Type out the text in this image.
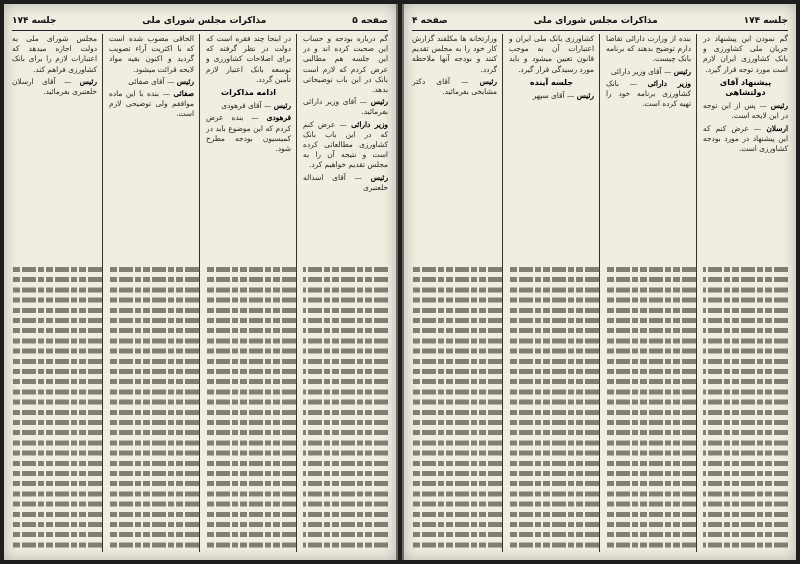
صفحه ۵
مذاکرات مجلس شورای ملی
جلسه ۱۷۴

گم درباره بودجه و حساب این صحبت کرده اند و در این جلسه هم مطالبی عرض کردم که لازم است بانک در این باب توضیحاتی بدهد.

رئیس — آقای وزیر دارائی بفرمائید.

وزیر دارائی — عرض کنم که در این باب بانک کشاورزی مطالعاتی کرده است و نتیجه آن را به مجلس تقدیم خواهیم کرد.

رئیس — آقای اسداله خلعتبری

در اینجا چند فقره است که دولت در نظر گرفته که برای اصلاحات کشاورزی و توسعه بانک اعتبار لازم تأمین گردد.

ادامه مذاکرات

رئیس — آقای فرهودی

فرهودی — بنده عرض کردم که این موضوع باید در کمیسیون بودجه مطرح شود.

الحاقی مصوب شده است که با اکثریت آراء تصویب گردید و اکنون بقیه مواد لایحه قرائت میشود.

رئیس — آقای صفائی

صفائی — بنده با این ماده موافقم ولی توضیحی لازم است.

مجلس شورای ملی به دولت اجازه میدهد که اعتبارات لازم را برای بانک کشاورزی فراهم کند.

رئیس — آقای ارسلان خلعتبری بفرمائید.

جلسه ۱۷۴
مذاکرات مجلس شورای ملی
صفحه ۴

گم نمودن این پیشنهاد در جریان ملی کشاورزی و بانک کشاورزی ایران لازم است مورد توجه قرار گیرد.

پیشنهاد آقای دولتشاهی

رئیس — پس از این توجه در این لایحه است.

ارسلان — عرض کنم که این پیشنهاد در مورد بودجه کشاورزی است.

بنده از وزارت دارائی تقاضا دارم توضیح بدهند که برنامه بانک چیست.

رئیس — آقای وزیر دارائی

وزیر دارائی — بانک کشاورزی برنامه خود را تهیه کرده است.

کشاورزی بانک ملی ایران و اعتبارات آن به موجب قانون تعیین میشود و باید مورد رسیدگی قرار گیرد.

جلسه آینده

رئیس — آقای سپهر

وزارتخانه ها مکلفند گزارش کار خود را به مجلس تقدیم کنند و بودجه آنها ملاحظه گردد.

رئیس — آقای دکتر مشایخی بفرمائید.
